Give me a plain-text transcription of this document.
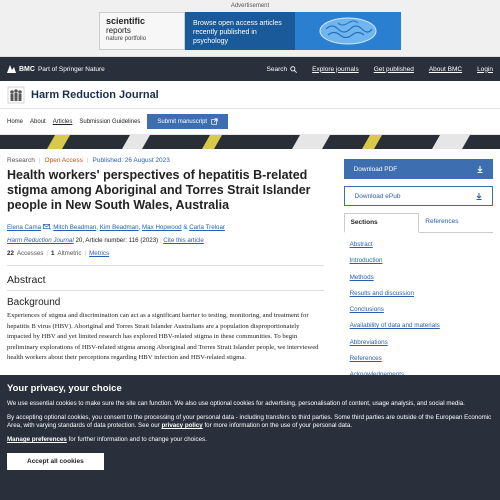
Advertisement
scientific
reports
nature portfolio
Browse open access articles recently published in psychology
BMC Part of Springer Nature	Search	Explore journals Get published About BMC Login
Harm Reduction Journal
Home About Articles Submission Guidelines	Submit manuscript
Research | Open Access | Published: 26 August 2023
Health workers' perspectives of hepatitis B-related stigma among Aboriginal and Torres Strait Islander people in New South Wales, Australia
Elena Cama , Mitch Beadman, Kim Beadman, Max Hopwood & Carla Treloar
Harm Reduction Journal 20, Article number: 116 (2023) | Cite this article
22 Accesses | 1 Altmetric | Metrics
Abstract
Background

Experiences of stigma and discrimination can act as a significant barrier to testing, monitoring, and treatment for hepatitis B virus (HBV). Aboriginal and Torres Strait Islander Australians are a population disproportionately impacted by HBV and yet limited research has explored HBV-related stigma in these communities. To begin preliminary explorations of HBV-related stigma among Aboriginal and Torres Strait Islander people, we interviewed health workers about their perceptions regarding HBV infection and HBV-related stigma.

Download PDF
Download ePub
Sections	References
Abstract
Introduction
Methods
Results and discussion
Conclusions
Availability of data and materials
Abbreviations
References
Your privacy, your choice

We use essential cookies to make sure the site can function. We also use optional cookies for advertising, personalisation of content, usage analysis, and social media.

By accepting optional cookies, you consent to the processing of your personal data - including transfers to third parties. Some third parties are outside of the European Economic Area, with varying standards of data protection. See our privacy policy for more information on the use of your personal data.

Manage preferences for further information and to change your choices.

Accept all cookies
